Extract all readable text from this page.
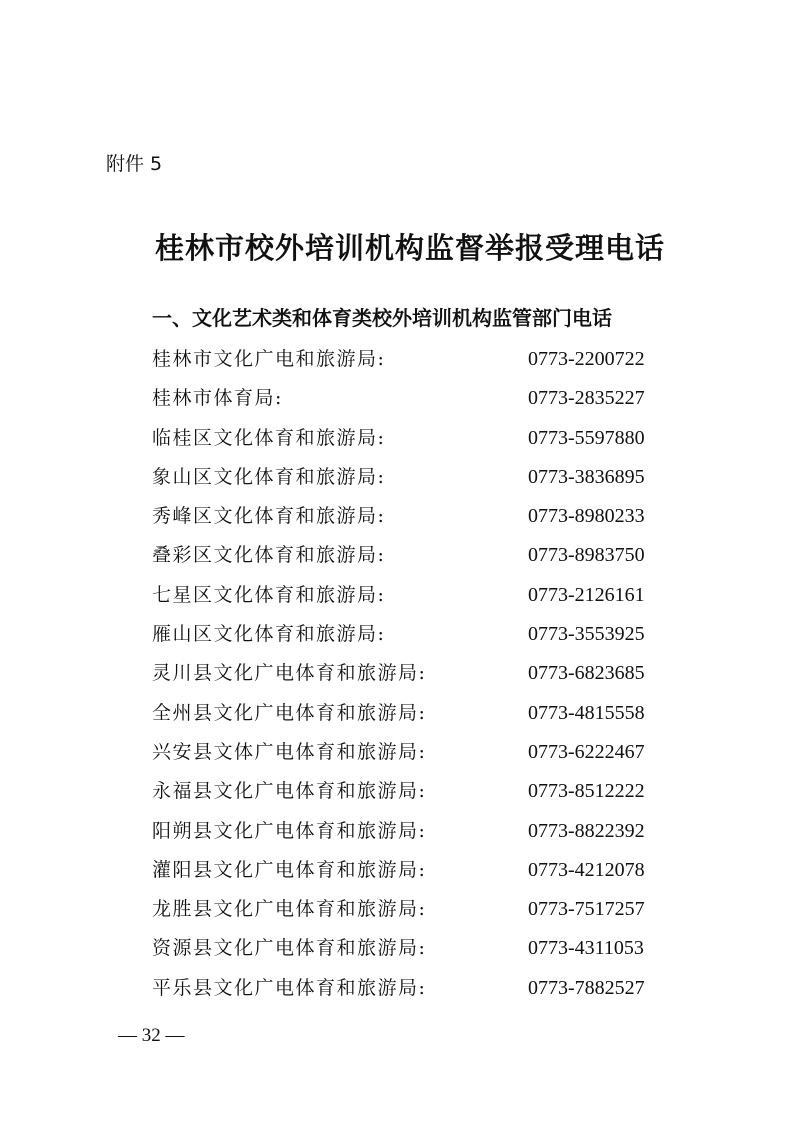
附件 5
桂林市校外培训机构监督举报受理电话
一、文化艺术类和体育类校外培训机构监管部门电话
桂林市文化广电和旅游局:	0773-2200722
桂林市体育局:	0773-2835227
临桂区文化体育和旅游局:	0773-5597880
象山区文化体育和旅游局:	0773-3836895
秀峰区文化体育和旅游局:	0773-8980233
叠彩区文化体育和旅游局:	0773-8983750
七星区文化体育和旅游局:	0773-2126161
雁山区文化体育和旅游局:	0773-3553925
灵川县文化广电体育和旅游局:	0773-6823685
全州县文化广电体育和旅游局:	0773-4815558
兴安县文体广电体育和旅游局:	0773-6222467
永福县文化广电体育和旅游局:	0773-8512222
阳朔县文化广电体育和旅游局:	0773-8822392
灌阳县文化广电体育和旅游局:	0773-4212078
龙胜县文化广电体育和旅游局:	0773-7517257
资源县文化广电体育和旅游局:	0773-4311053
平乐县文化广电体育和旅游局:	0773-7882527
— 32 —
